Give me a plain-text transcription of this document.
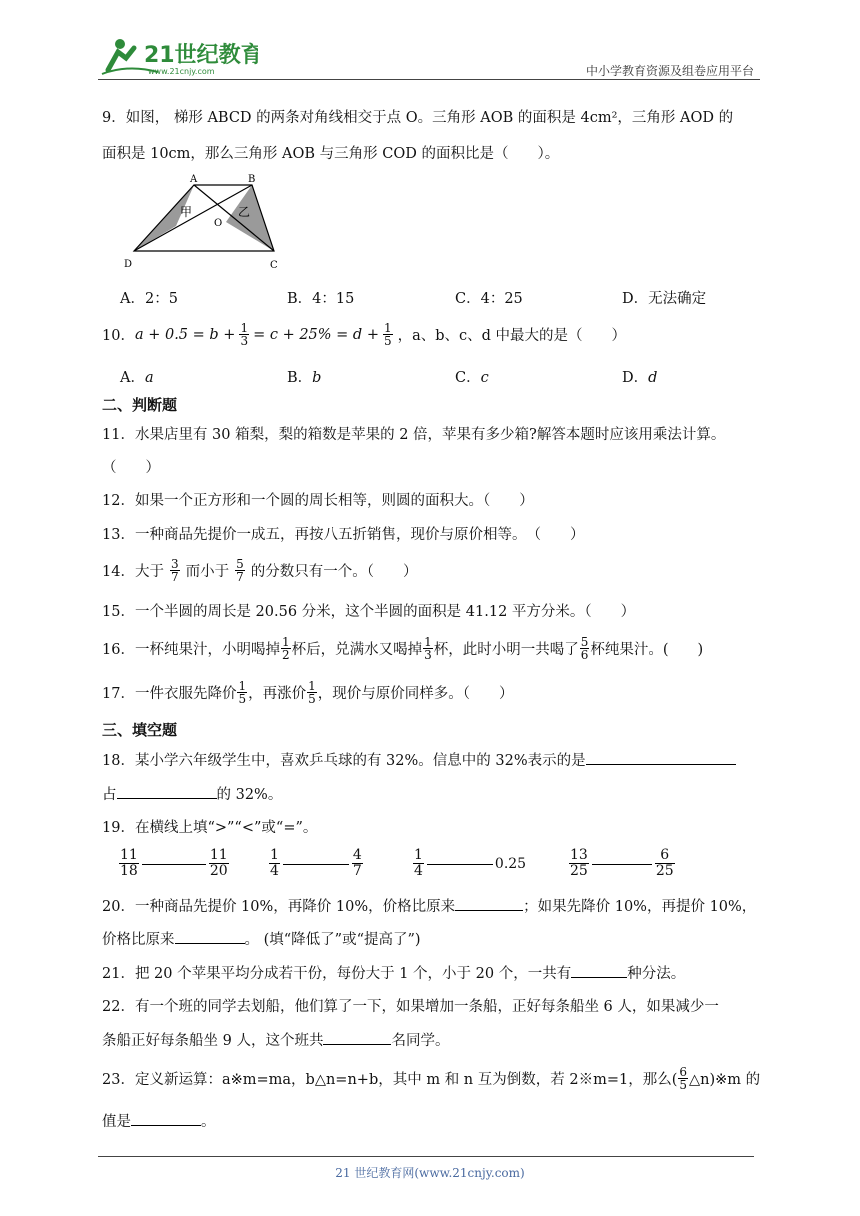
21世纪教育
www.21cnjy.com	中小学教育资源及组卷应用平台
9．如图， 梯形 ABCD 的两条对角线相交于点 O。三角形 AOB 的面积是 4cm²，三角形 AOD 的
面积是 10cm，那么三角形 AOB 与三角形 COD 的面积比是（　　）。
A	B
C
D
O
甲	乙
A．2：5	B．4：15	C．4：25	D．无法确定
10． $a + 0.5 = b + \frac{1}{3} = c + 25\% = d + \frac{1}{5}$ ，a、b、c、d 中最大的是（　　）
A．a	B．b	C．c	D．d
二、判断题
11．水果店里有 30 箱梨，梨的箱数是苹果的 2 倍，苹果有多少箱?解答本题时应该用乘法计算。
（　　）
12．如果一个正方形和一个圆的周长相等，则圆的面积大。（　　）
13．一种商品先提价一成五，再按八五折销售，现价与原价相等。　（　　）
14．大于 $\frac{3}{7}$ 而小于 $\frac{5}{7}$ 的分数只有一个。（　　）
15．一个半圆的周长是 20.56 分米，这个半圆的面积是 41.12 平方分米。（　　）
16．一杯纯果汁，小明喝掉 $\frac{1}{2}$ 杯后，兑满水又喝掉 $\frac{1}{3}$ 杯，此时小明一共喝了 $\frac{5}{6}$ 杯纯果汁。(　　)
17．一件衣服先降价 $\frac{1}{5}$ ，再涨价 $\frac{1}{5}$ ，现价与原价同样多。（　　）
三、填空题
18．某小学六年级学生中，喜欢乒乓球的有 32%。信息中的 32%表示的是
占	的 32%。
19．在横线上填“>”“<”或“=”。
$\frac{11}{18}$	$\frac{11}{20}$	$\frac{1}{4}$	$\frac{4}{7}$	$\frac{1}{4}$	0.25	$\frac{13}{25}$	$\frac{6}{25}$
20．一种商品先提价 10%，再降价 10%，价格比原来	；如果先降价 10%，再提价 10%，
价格比原来	。 (填“降低了”或“提高了”)
21．把 20 个苹果平均分成若干份，每份大于 1 个，小于 20 个，一共有	种分法。
22．有一个班的同学去划船，他们算了一下，如果增加一条船，正好每条船坐 6 人，如果减少一
条船正好每条船坐 9 人，这个班共	名同学。
23．定义新运算：a※m=ma，b△n=n+b，其中 m 和 n 互为倒数，若 2※m=1，那么( $\frac{6}{5}$ △n)※m 的
值是	。
21 世纪教育网(www.21cnjy.com)
